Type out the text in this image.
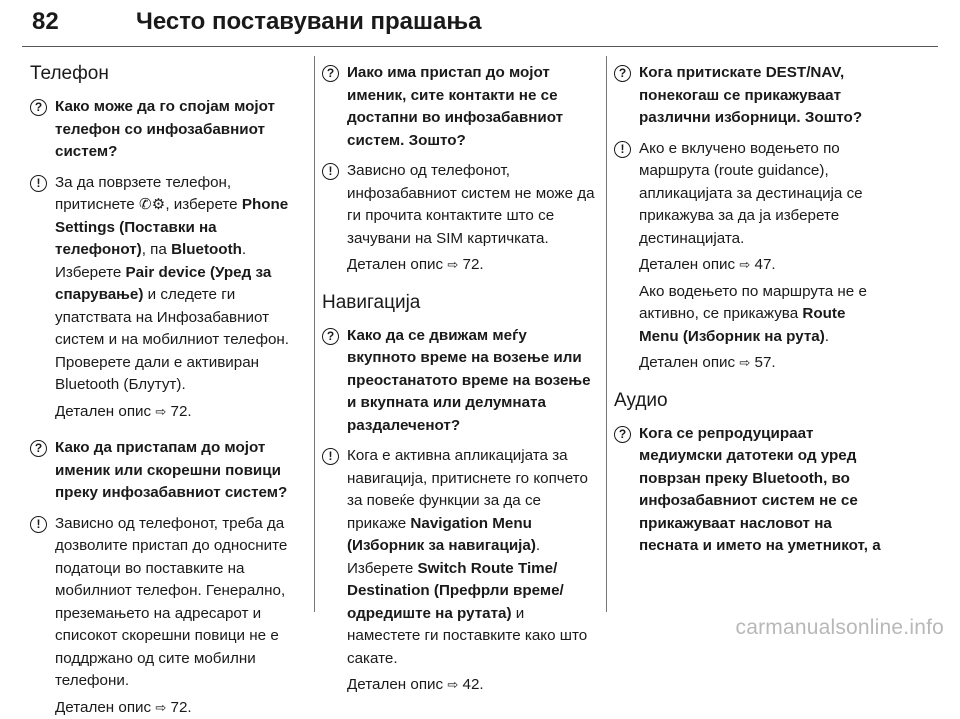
82	Често поставувани прашања
Телефон
? Како може да го спојам мојот телефон со инфозабавниот систем?
! За да поврзете телефон, притиснете ✆⚙, изберете Phone Settings (Поставки на телефонот), па Bluetooth. Изберете Pair device (Уред за спарување) и следете ги упатствата на Инфозабавниот систем и на мобилниот телефон. Проверете дали е активиран Bluetooth (Блутут).
Детален опис ⇨ 72.
? Како да пристапам до мојот именик или скорешни повици преку инфозабавниот систем?
! Зависно од телефонот, треба да дозволите пристап до односните податоци во поставките на мобилниот телефон. Генерално, преземањето на адресарот и списокот скорешни повици не е поддржано од сите мобилни телефони.
Детален опис ⇨ 72.
? Иако има пристап до мојот именик, сите контакти не се достапни во инфозабавниот систем. Зошто?
! Зависно од телефонот, инфозабавниот систем не може да ги прочита контактите што се зачувани на SIM картичката.
Детален опис ⇨ 72.
Навигација
? Како да се движам меѓу вкупното време на возење или преостанатото време на возење и вкупната или делумната раздалеченот?
! Кога е активна апликацијата за навигација, притиснете го копчето за повеќе функции за да се прикаже Navigation Menu (Изборник за навигација). Изберете Switch Route Time/ Destination (Префрли време/ одредиште на рутата) и наместете ги поставките како што сакате.
Детален опис ⇨ 42.
? Кога притискате DEST/NAV, понекогаш се прикажуваат различни изборници. Зошто?
! Ако е вклучено водењето по маршрута (route guidance), апликацијата за дестинација се прикажува за да ја изберете дестинацијата.
Детален опис ⇨ 47.
Ако водењето по маршрута не е активно, се прикажува Route Menu (Изборник на рута).
Детален опис ⇨ 57.
Аудио
? Кога се репродуцираат медиумски датотеки од уред поврзан преку Bluetooth, во инфозабавниот систем не се прикажуваат насловот на песната и името на уметникот, а
carmanualsonline.info
